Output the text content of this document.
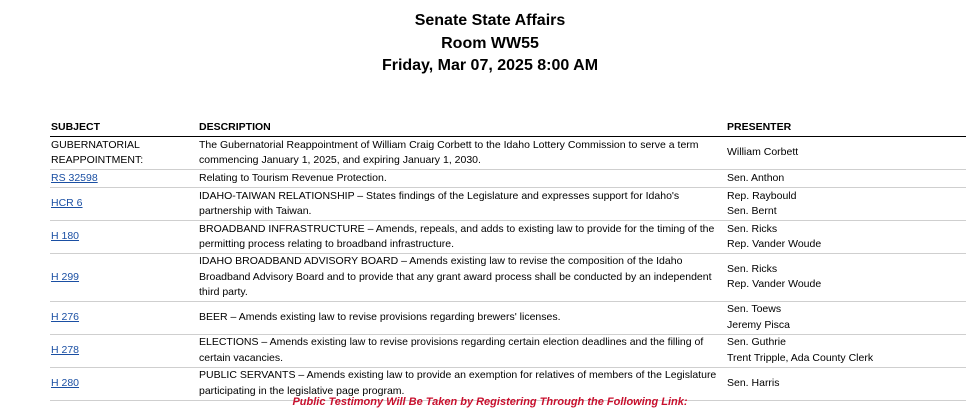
Senate State Affairs
Room WW55
Friday, Mar 07, 2025 8:00 AM
SUBJECT	DESCRIPTION	PRESENTER
GUBERNATORIAL REAPPOINTMENT:	The Gubernatorial Reappointment of William Craig Corbett to the Idaho Lottery Commission to serve a term commencing January 1, 2025, and expiring January 1, 2030.	William Corbett

RS 32598	Relating to Tourism Revenue Protection.	Sen. Anthon

HCR 6	IDAHO-TAIWAN RELATIONSHIP – States findings of the Legislature and expresses support for Idaho's partnership with Taiwan.	Rep. Raybould
Sen. Bernt

H 180	BROADBAND INFRASTRUCTURE – Amends, repeals, and adds to existing law to provide for the timing of the permitting process relating to broadband infrastructure.	Sen. Ricks
Rep. Vander Woude

H 299	IDAHO BROADBAND ADVISORY BOARD – Amends existing law to revise the composition of the Idaho Broadband Advisory Board and to provide that any grant award process shall be conducted by an independent third party.	Sen. Ricks
Rep. Vander Woude

H 276	BEER – Amends existing law to revise provisions regarding brewers' licenses.	Sen. Toews
Jeremy Pisca

H 278	ELECTIONS – Amends existing law to revise provisions regarding certain election deadlines and the filling of certain vacancies.	Sen. Guthrie
Trent Tripple, Ada County Clerk

H 280	PUBLIC SERVANTS – Amends existing law to provide an exemption for relatives of members of the Legislature participating in the legislative page program.	Sen. Harris
Public Testimony Will Be Taken by Registering Through the Following Link:
